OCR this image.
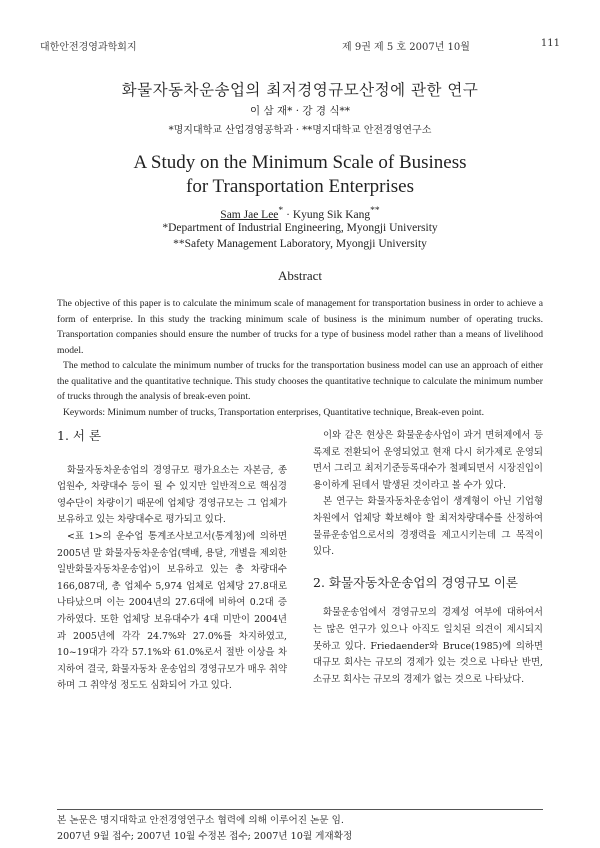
대한안전경영과학회지	제 9권 제 5 호 2007년 10월	111
화물자동차운송업의 최저경영규모산정에 관한 연구
이 삼 재* · 강 경 식**
*명지대학교 산업경영공학과 · **명지대학교 안전경영연구소
A Study on the Minimum Scale of Business
for Transportation Enterprises
Sam Jae Lee* · Kyung Sik Kang**
*Department of Industrial Engineering, Myongji University
**Safety Management Laboratory, Myongji University
Abstract

The objective of this paper is to calculate the minimum scale of management for transportation business in order to achieve a form of enterprise. In this study the tracking minimum scale of business is the minimum number of operating trucks. Transportation companies should ensure the number of trucks for a type of business model rather than a means of livelihood model.

The method to calculate the minimum number of trucks for the transportation business model can use an approach of either the qualitative and the quantitative technique. This study chooses the quantitative technique to calculate the minimum number of trucks through the analysis of break-even point.

Keywords: Minimum number of trucks, Transportation enterprises, Quantitative technique, Break-even point.

1. 서 론

화물자동차운송업의 경영규모 평가요소는 자본금, 종업원수, 차량대수 등이 될 수 있지만 일반적으로 핵심경영수단이 차량이기 때문에 업체당 경영규모는 그 업체가 보유하고 있는 차량대수로 평가되고 있다.

<표 1>의 운수업 통계조사보고서(통계청)에 의하면 2005년 말 화물자동차운송업(택배, 용달, 개별을 제외한 일반화물자동차운송업)이 보유하고 있는 총 차량대수 166,087대, 총 업체수 5,974 업체로 업체당 27.8대로 나타났으며 이는 2004년의 27.6대에 비하여 0.2대 증가하였다. 또한 업체당 보유대수가 4대 미만이 2004년과 2005년에 각각 24.7%와 27.0%를 차지하였고, 10~19대가 각각 57.1%와 61.0%로서 절반 이상을 차지하여 결국, 화물자동차 운송업의 경영규모가 매우 취약하며 그 취약성 정도도 심화되어 가고 있다.

이와 같은 현상은 화물운송사업이 과거 면허제에서 등록제로 전환되어 운영되었고 현재 다시 허가제로 운영되면서 그리고 최저기준등록대수가 철폐되면서 시장진입이 용이하게 된데서 발생된 것이라고 볼 수가 있다.

본 연구는 화물자동차운송업이 생계형이 아닌 기업형 차원에서 업체당 확보해야 할 최저차량대수를 산정하여 물류운송업으로서의 경쟁력을 제고시키는데 그 목적이 있다.

2. 화물자동차운송업의 경영규모 이론

화물운송업에서 경영규모의 경제성 여부에 대하여서는 많은 연구가 있으나 아직도 일치된 의견이 제시되지 못하고 있다. Friedaender와 Bruce(1985)에 의하면 대규모 회사는 규모의 경제가 있는 것으로 나타난 반면, 소규모 회사는 규모의 경제가 없는 것으로 나타났다.

본 논문은 명지대학교 안전경영연구소 협력에 의해 이루어진 논문 임.
2007년 9월 접수; 2007년 10월 수정본 접수; 2007년 10월 게재확정
